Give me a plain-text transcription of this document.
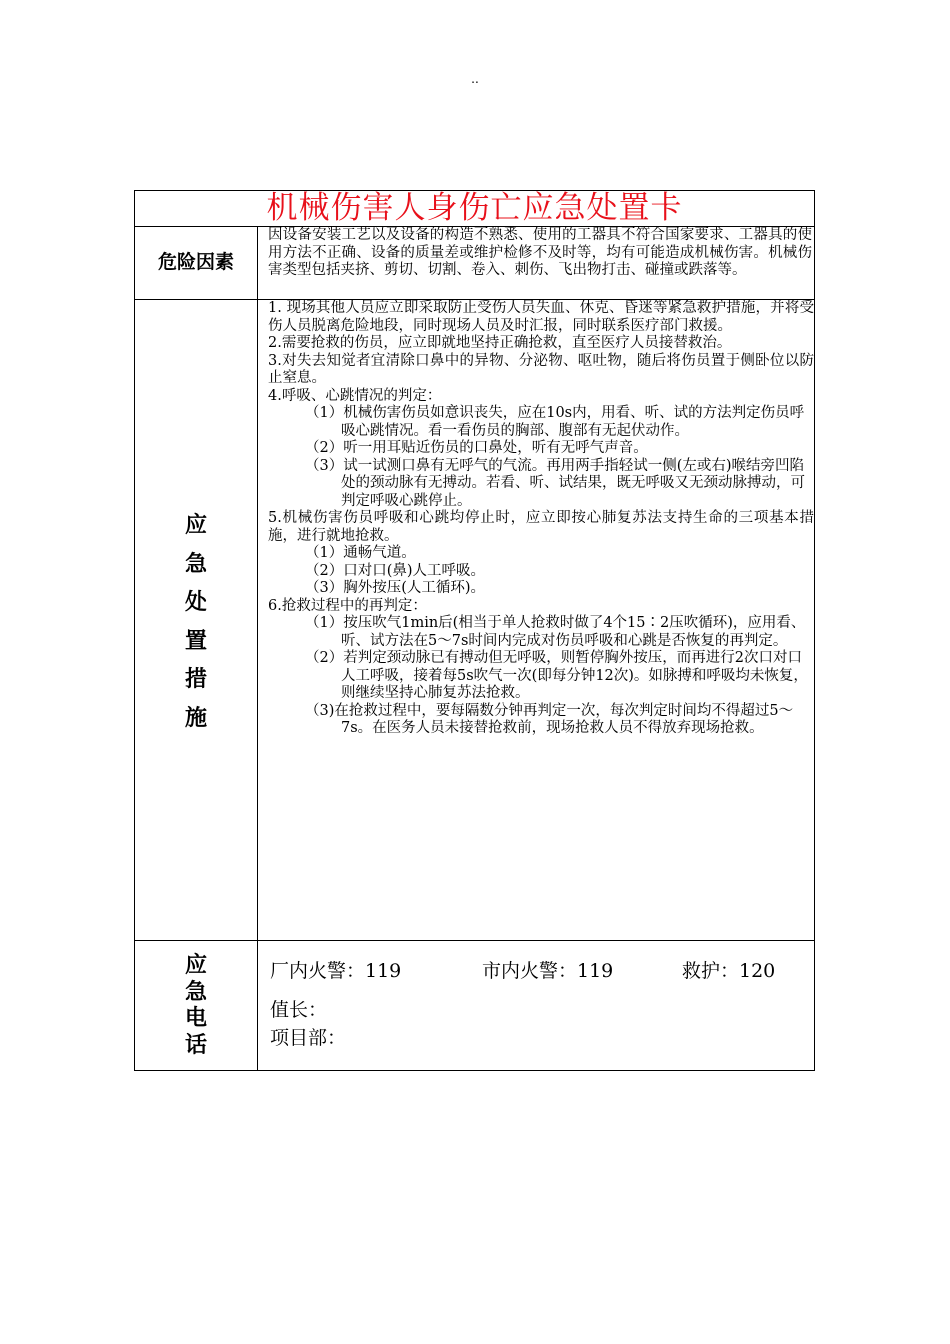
..
机械伤害人身伤亡应急处置卡
危险因素

因设备安装工艺以及设备的构造不熟悉、使用的工器具不符合国家要求、工器具的使用方法不正确、设备的质量差或维护检修不及时等，均有可能造成机械伤害。机械伤害类型包括夹挤、剪切、切割、卷入、刺伤、飞出物打击、碰撞或跌落等。

应
急
处
置
措
施
1. 现场其他人员应立即采取防止受伤人员失血、休克、昏迷等紧急救护措施，并将受伤人员脱离危险地段，同时现场人员及时汇报，同时联系医疗部门救援。
2.需要抢救的伤员，应立即就地坚持正确抢救，直至医疗人员接替救治。
3.对失去知觉者宜清除口鼻中的异物、分泌物、呕吐物，随后将伤员置于侧卧位以防止窒息。
4.呼吸、心跳情况的判定：
（1）机械伤害伤员如意识丧失，应在10s内，用看、听、试的方法判定伤员呼吸心跳情况。看一看伤员的胸部、腹部有无起伏动作。
（2）听一用耳贴近伤员的口鼻处，听有无呼气声音。
（3）试一试测口鼻有无呼气的气流。再用两手指轻试一侧(左或右)喉结旁凹陷处的颈动脉有无搏动。若看、听、试结果，既无呼吸又无颈动脉搏动，可判定呼吸心跳停止。
5.机械伤害伤员呼吸和心跳均停止时，应立即按心肺复苏法支持生命的三项基本措施，进行就地抢救。
（1）通畅气道。
（2）口对口(鼻)人工呼吸。
（3）胸外按压(人工循环)。
6.抢救过程中的再判定：
（1）按压吹气1min后(相当于单人抢救时做了4个15∶2压吹循环)，应用看、听、试方法在5～7s时间内完成对伤员呼吸和心跳是否恢复的再判定。
（2）若判定颈动脉已有搏动但无呼吸，则暂停胸外按压，而再进行2次口对口 人工呼吸，接着每5s吹气一次(即每分钟12次)。如脉搏和呼吸均未恢复，则继续坚持心肺复苏法抢救。
（3)在抢救过程中，要每隔数分钟再判定一次，每次判定时间均不得超过5～7s。在医务人员未接替抢救前，现场抢救人员不得放弃现场抢救。
应
急
电
话
厂内火警：119	市内火警：119	救护：120
值长：
项目部：
